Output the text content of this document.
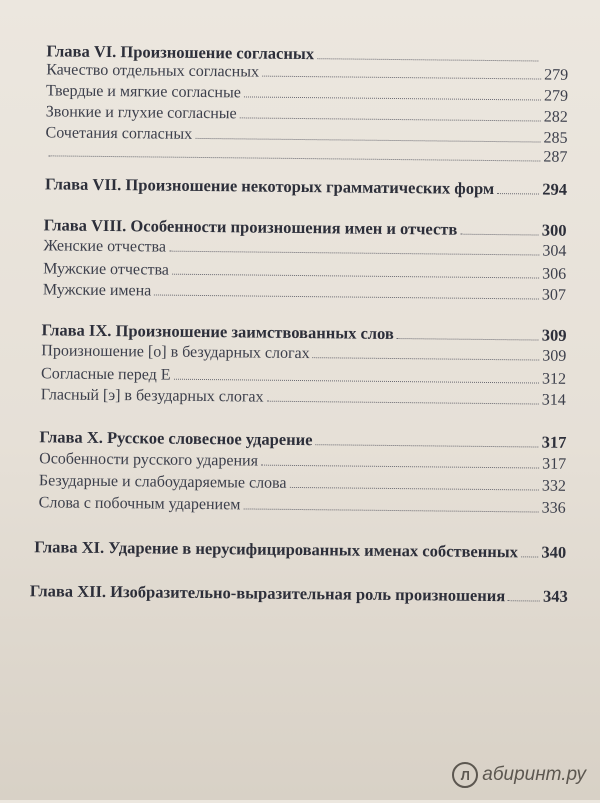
Глава VI. Произношение согласных
Качество отдельных согласных	279
Твердые и мягкие согласные	279
Звонкие и глухие согласные	282
Сочетания согласных	285
287
Глава VII. Произношение некоторых грамматических форм	294
Глава VIII. Особенности произношения имен и отчеств	300
Женские отчества	304
Мужские отчества	306
Мужские имена	307
Глава IX. Произношение заимствованных слов	309
Произношение [о] в безударных слогах	309
Согласные перед Е	312
Гласный [э] в безударных слогах	314
Глава X. Русское словесное ударение	317
Особенности русского ударения	317
Безударные и слабоударяемые слова	332
Слова с побочным ударением	336
Глава XI. Ударение в нерусифицированных именах собственных 340
Глава XII. Изобразительно-выразительная роль произношения 343
Л абиринт.ру
